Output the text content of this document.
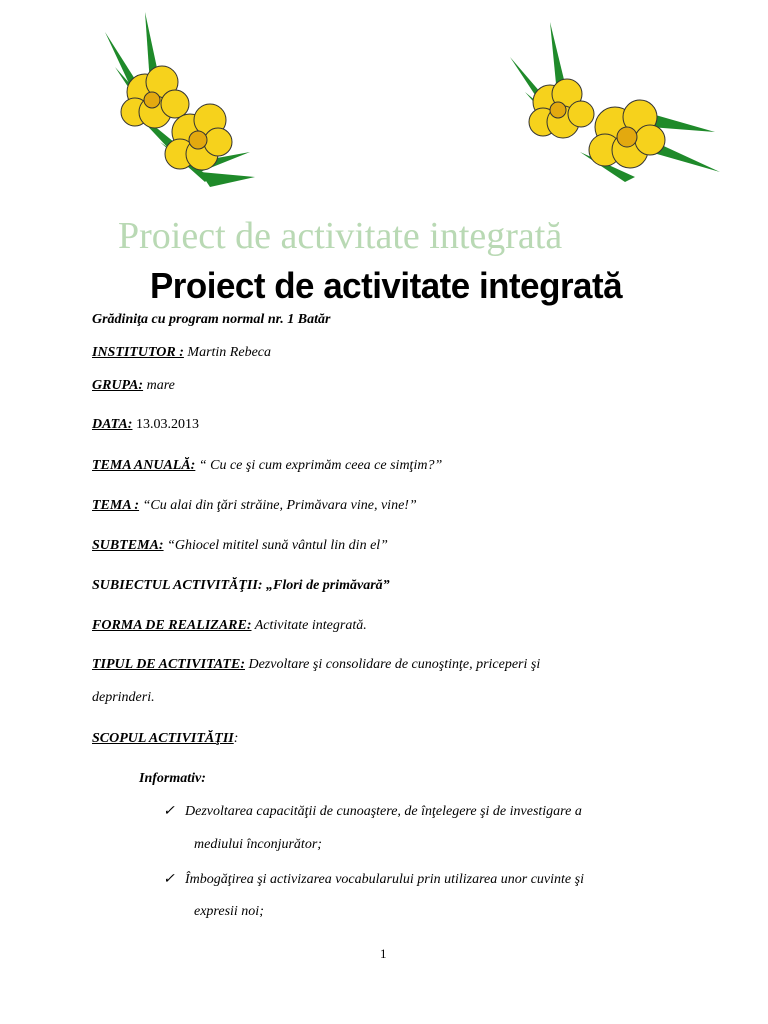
Proiect de activitate integrată
Proiect de activitate integrată
Grădiniţa cu program normal nr. 1 Batăr
INSTITUTOR : Martin Rebeca
GRUPA: mare
DATA: 13.03.2013
TEMA ANUALĂ: “ Cu ce şi cum exprimăm ceea ce simţim?”
TEMA : “Cu alai din ţări străine, Primăvara vine, vine!”
SUBTEMA: “Ghiocel mititel sună vântul lin din el”
SUBIECTUL ACTIVITĂŢII: „Flori de primăvară”
FORMA DE REALIZARE: Activitate integrată.
TIPUL DE ACTIVITATE: Dezvoltare şi consolidare de cunoştinţe, priceperi şi
deprinderi.
SCOPUL ACTIVITĂŢII:
Informativ:
✓ Dezvoltarea capacităţii de cunoaştere, de înţelegere şi de investigare a
mediului înconjurător;
✓ Îmbogăţirea şi activizarea vocabularului prin utilizarea unor cuvinte şi
expresii noi;
1
